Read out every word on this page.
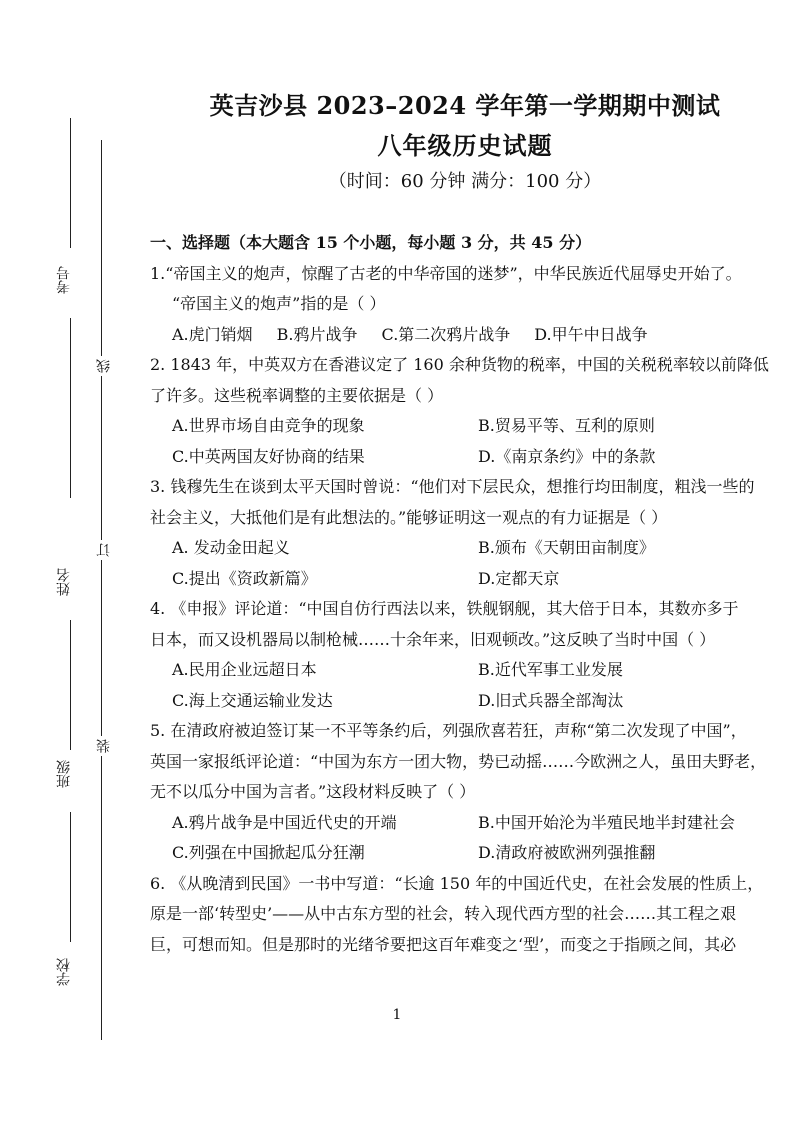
考号
线
姓名
订
班级
装
学校
英吉沙县 2023–2024 学年第一学期期中测试
八年级历史试题
（时间：60 分钟 满分：100 分）
一、选择题（本大题含 15 个小题，每小题 3 分，共 45 分）
1.“帝国主义的炮声，惊醒了古老的中华帝国的迷梦”，中华民族近代屈辱史开始了。
“帝国主义的炮声”指的是（ ）
A.虎门销烟 B.鸦片战争 C.第二次鸦片战争 D.甲午中日战争
2. 1843 年，中英双方在香港议定了 160 余种货物的税率，中国的关税税率较以前降低
了许多。这些税率调整的主要依据是（ ）
A.世界市场自由竞争的现象	B.贸易平等、互利的原则
C.中英两国友好协商的结果	D.《南京条约》中的条款
3. 钱穆先生在谈到太平天国时曾说：“他们对下层民众，想推行均田制度，粗浅一些的
社会主义，大抵他们是有此想法的。”能够证明这一观点的有力证据是（ ）
A. 发动金田起义	B.颁布《天朝田亩制度》
C.提出《资政新篇》	D.定都天京
4. 《申报》评论道：“中国自仿行西法以来，铁舰钢舰，其大倍于日本，其数亦多于
日本，而又设机器局以制枪械……十余年来，旧观顿改。”这反映了当时中国（ ）
A.民用企业远超日本	B.近代军事工业发展
C.海上交通运输业发达	D.旧式兵器全部淘汰
5. 在清政府被迫签订某一不平等条约后，列强欣喜若狂，声称“第二次发现了中国”，
英国一家报纸评论道：“中国为东方一团大物，势已动摇……今欧洲之人，虽田夫野老，
无不以瓜分中国为言者。”这段材料反映了（ ）
A.鸦片战争是中国近代史的开端	B.中国开始沦为半殖民地半封建社会
C.列强在中国掀起瓜分狂潮	D.清政府被欧洲列强推翻
6. 《从晚清到民国》一书中写道：“长逾 150 年的中国近代史，在社会发展的性质上，
原是一部‘转型史’——从中古东方型的社会，转入现代西方型的社会……其工程之艰
巨，可想而知。但是那时的光绪爷要把这百年难变之‘型’，而变之于指顾之间，其必
1
